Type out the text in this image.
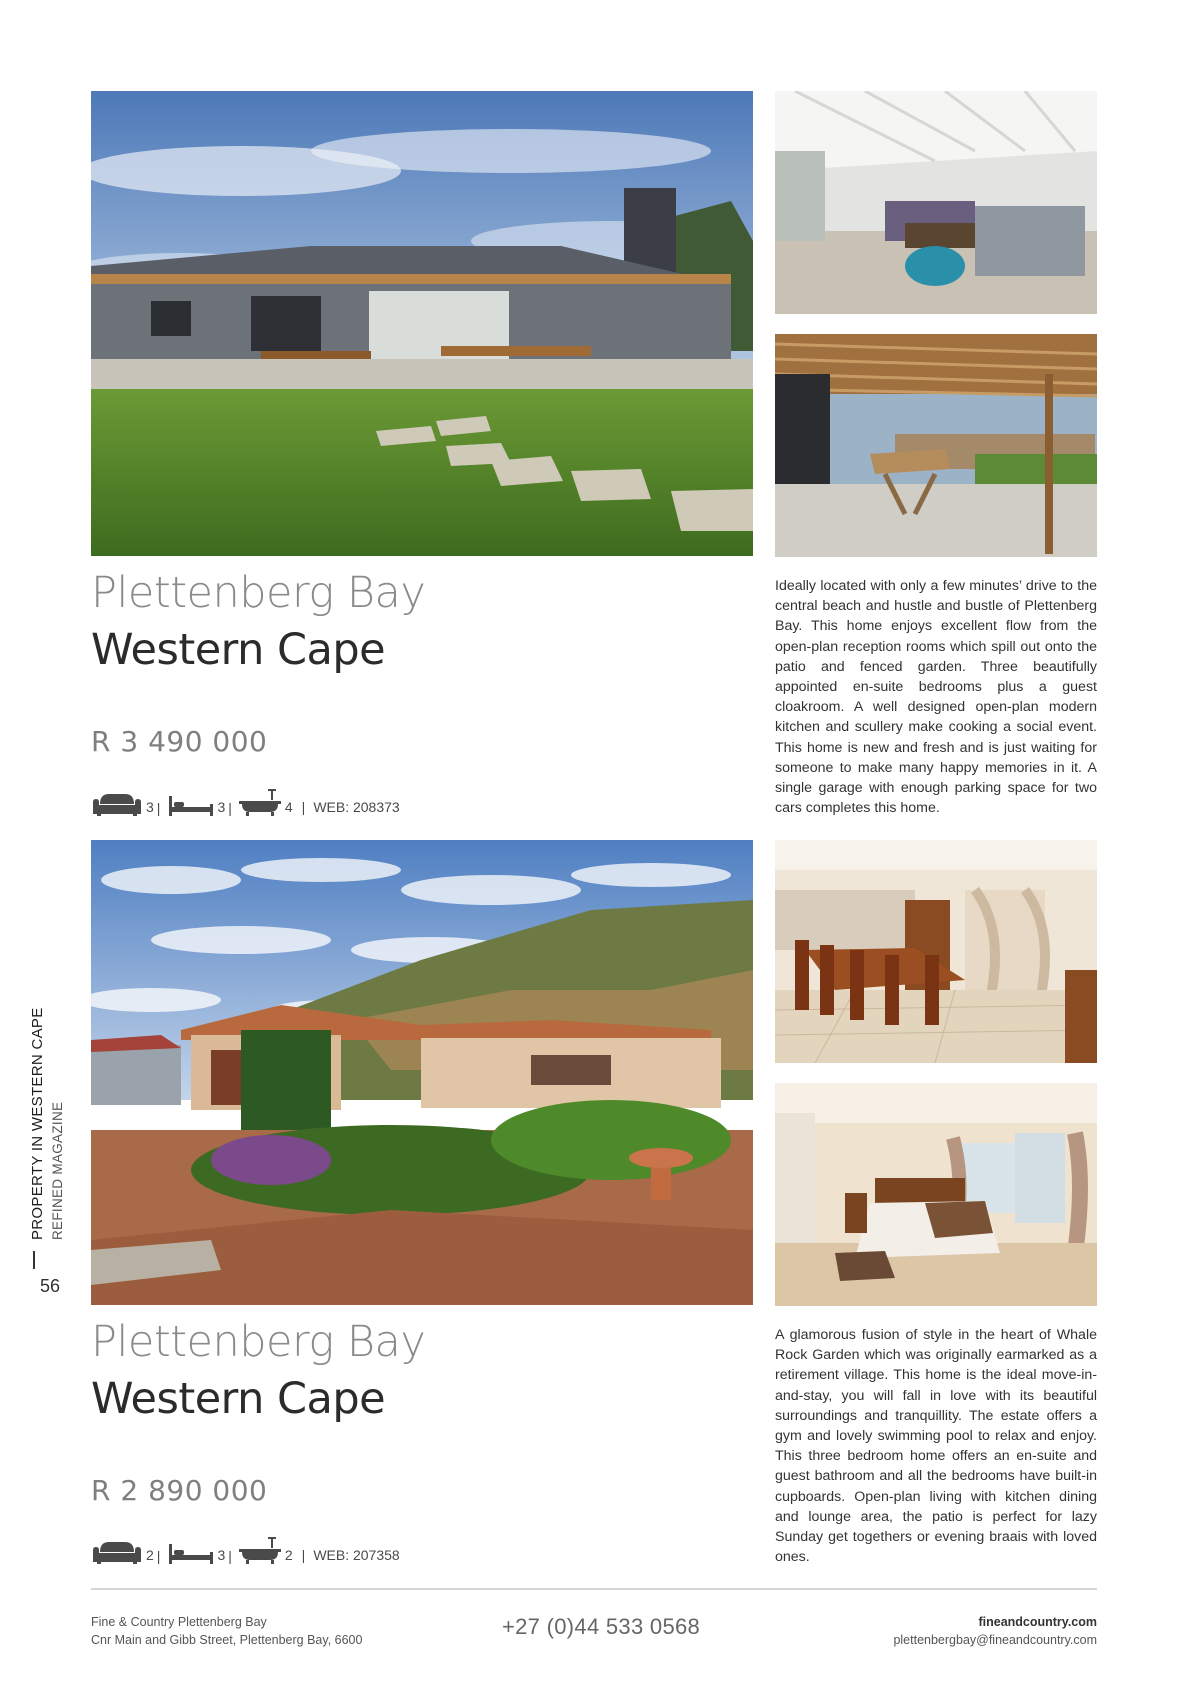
Plettenberg Bay
Western Cape
R 3 490 000
3 |	3 |	4 | WEB: 208373
Ideally located with only a few minutes’ drive to the central beach and hustle and bustle of Plettenberg Bay. This home enjoys excellent flow from the open-plan reception rooms which spill out onto the patio and fenced garden. Three beautifully appointed en-suite bedrooms plus a guest cloakroom. A well designed open-plan modern kitchen and scullery make cooking a social event. This home is new and fresh and is just waiting for someone to make many happy memories in it. A single garage with enough parking space for two cars completes this home.
Plettenberg Bay
Western Cape
R 2 890 000
2 |	3 |	2 | WEB: 207358
A glamorous fusion of style in the heart of Whale Rock Garden which was originally earmarked as a retirement village. This home is the ideal move-in-and-stay, you will fall in love with its beautiful surroundings and tranquillity. The estate offers a gym and lovely swimming pool to relax and enjoy. This three bedroom home offers an en-suite and guest bathroom and all the bedrooms have built-in cupboards. Open-plan living with kitchen dining and lounge area, the patio is perfect for lazy Sunday get togethers or evening braais with loved ones.
PROPERTY IN WESTERN CAPE REFINED MAGAZINE
56
Fine & Country Plettenberg Bay
Cnr Main and Gibb Street, Plettenberg Bay, 6600
+27 (0)44 533 0568	fineandcountry.com
plettenbergbay@fineandcountry.com
